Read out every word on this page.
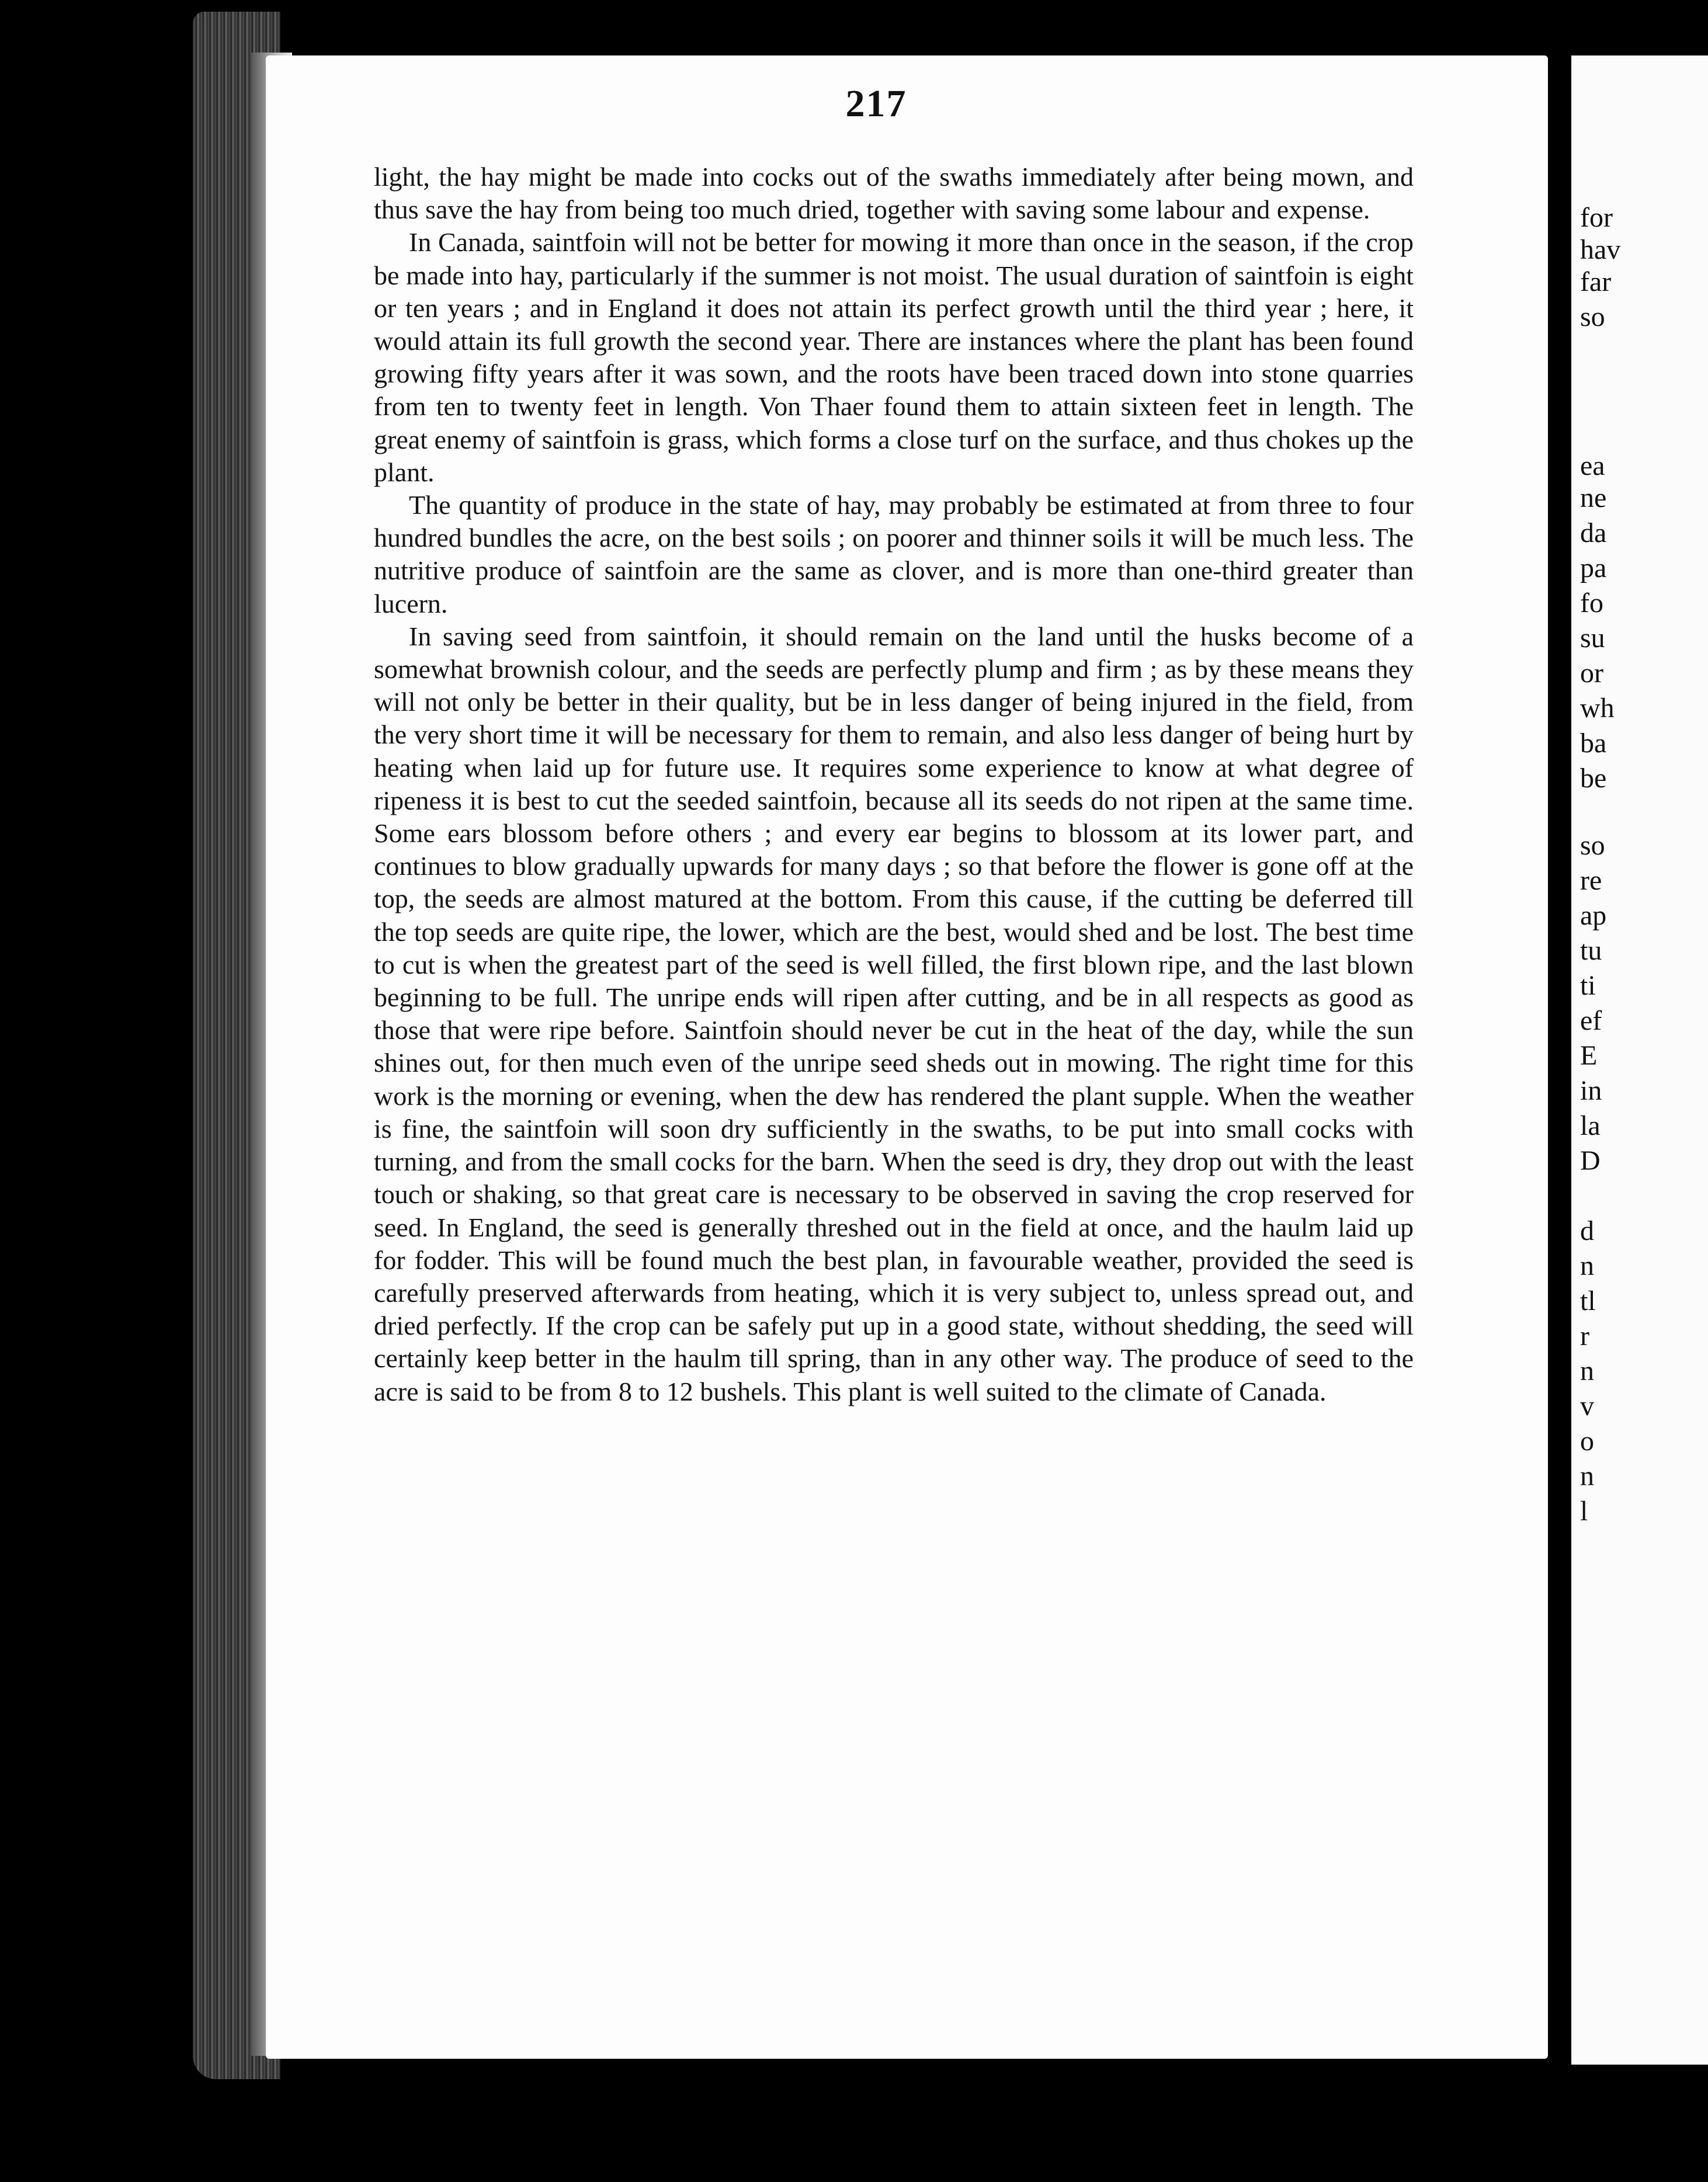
217

light, the hay might be made into cocks out of the swaths immediately after being mown, and thus save the hay from being too much dried, together with saving some labour and expense.

In Canada, saintfoin will not be better for mowing it more than once in the season, if the crop be made into hay, particularly if the summer is not moist. The usual duration of saintfoin is eight or ten years ; and in England it does not attain its perfect growth until the third year ; here, it would attain its full growth the second year. There are instances where the plant has been found growing fifty years after it was sown, and the roots have been traced down into stone quarries from ten to twenty feet in length. Von Thaer found them to attain sixteen feet in length. The great enemy of saintfoin is grass, which forms a close turf on the surface, and thus chokes up the plant.

The quantity of produce in the state of hay, may probably be estimated at from three to four hundred bundles the acre, on the best soils ; on poorer and thinner soils it will be much less. The nutritive produce of saintfoin are the same as clover, and is more than one-third greater than lucern.

In saving seed from saintfoin, it should remain on the land until the husks become of a somewhat brownish colour, and the seeds are perfectly plump and firm ; as by these means they will not only be better in their quality, but be in less danger of being injured in the field, from the very short time it will be necessary for them to remain, and also less danger of being hurt by heating when laid up for future use. It requires some experience to know at what degree of ripeness it is best to cut the seeded saintfoin, because all its seeds do not ripen at the same time. Some ears blossom before others ; and every ear begins to blossom at its lower part, and continues to blow gradually upwards for many days ; so that before the flower is gone off at the top, the seeds are almost matured at the bottom. From this cause, if the cutting be deferred till the top seeds are quite ripe, the lower, which are the best, would shed and be lost. The best time to cut is when the greatest part of the seed is well filled, the first blown ripe, and the last blown beginning to be full. The unripe ends will ripen after cutting, and be in all respects as good as those that were ripe before. Saintfoin should never be cut in the heat of the day, while the sun shines out, for then much even of the unripe seed sheds out in mowing. The right time for this work is the morning or evening, when the dew has rendered the plant supple. When the weather is fine, the saintfoin will soon dry sufficiently in the swaths, to be put into small cocks with turning, and from the small cocks for the barn. When the seed is dry, they drop out with the least touch or shaking, so that great care is necessary to be observed in saving the crop reserved for seed. In England, the seed is generally threshed out in the field at once, and the haulm laid up for fodder. This will be found much the best plan, in favourable weather, provided the seed is carefully preserved afterwards from heating, which it is very subject to, unless spread out, and dried perfectly. If the crop can be safely put up in a good state, without shedding, the seed will certainly keep better in the haulm till spring, than in any other way. The produce of seed to the acre is said to be from 8 to 12 bushels. This plant is well suited to the climate of Canada.

for
hav
far
so
ea
ne
da
pa
fo
su
or
wh
ba
be
so
re
ap
tu
ti
ef
E
in
la
D
d
n
tl
r
n
v
o
n
l
